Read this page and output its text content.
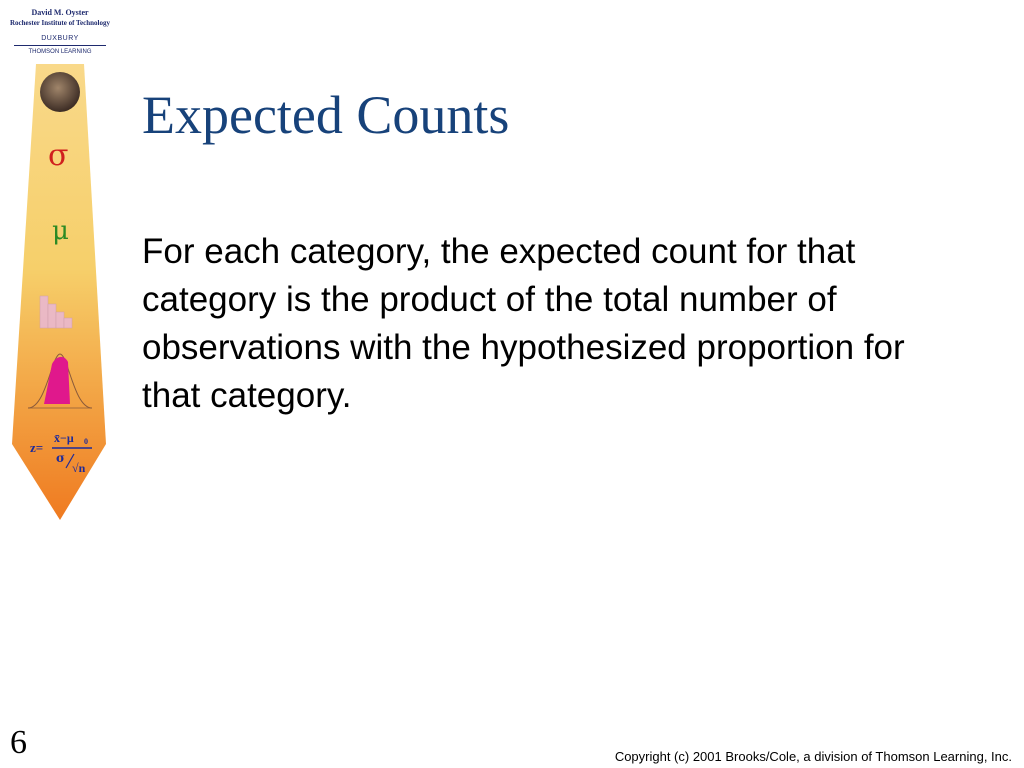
David M. Oyster
Rochester Institute of Technology
DUXBURY
THOMSON LEARNING
σ
μ
z=
x̄−μ 0
σ
√n
Expected Counts

For each category, the expected count for that category is the product of the total number of observations with the hypothesized proportion for that category.

6	Copyright (c) 2001 Brooks/Cole, a division of Thomson Learning, Inc.
